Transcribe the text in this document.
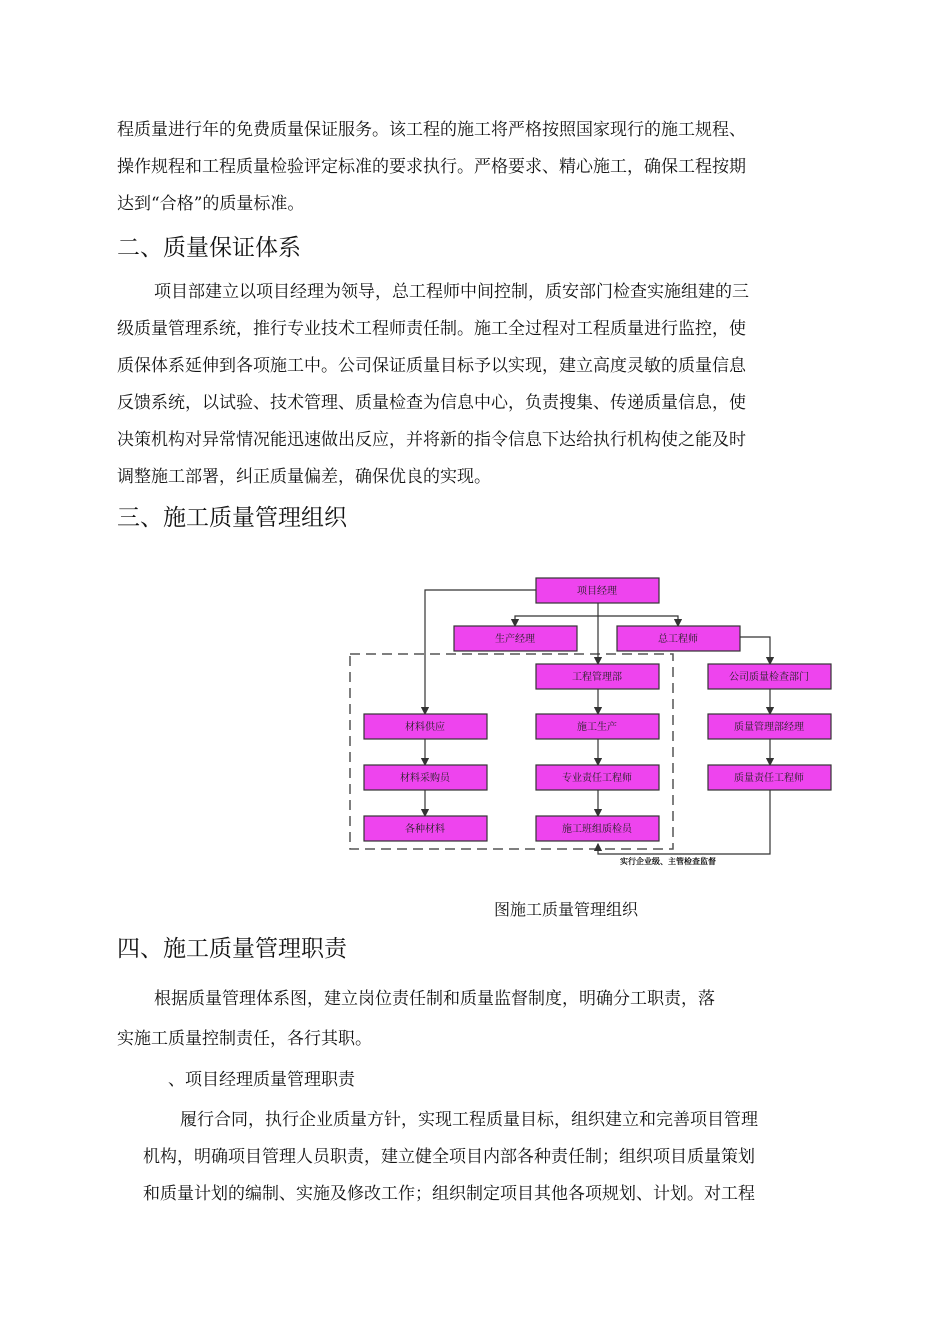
程质量进行年的免费质量保证服务。该工程的施工将严格按照国家现行的施工规程、
操作规程和工程质量检验评定标准的要求执行。严格要求、精心施工，确保工程按期
达到“合格”的质量标准。
二、质量保证体系
项目部建立以项目经理为领导，总工程师中间控制，质安部门检查实施组建的三
级质量管理系统，推行专业技术工程师责任制。施工全过程对工程质量进行监控，使
质保体系延伸到各项施工中。公司保证质量目标予以实现，建立高度灵敏的质量信息
反馈系统，以试验、技术管理、质量检查为信息中心，负责搜集、传递质量信息，使
决策机构对异常情况能迅速做出反应，并将新的指令信息下达给执行机构使之能及时
调整施工部署，纠正质量偏差，确保优良的实现。
三、施工质量管理组织
项目经理
生产经理	总工程师
工程管理部	公司质量检查部门
材料供应	施工生产	质量管理部经理
材料采购员	专业责任工程师	质量责任工程师
各种材料	施工班组质检员
实行企业级、主管检查监督
图施工质量管理组织
四、施工质量管理职责
根据质量管理体系图，建立岗位责任制和质量监督制度，明确分工职责，落
实施工质量控制责任，各行其职。
、项目经理质量管理职责
履行合同，执行企业质量方针，实现工程质量目标，组织建立和完善项目管理
机构，明确项目管理人员职责，建立健全项目内部各种责任制；组织项目质量策划
和质量计划的编制、实施及修改工作；组织制定项目其他各项规划、计划。对工程
